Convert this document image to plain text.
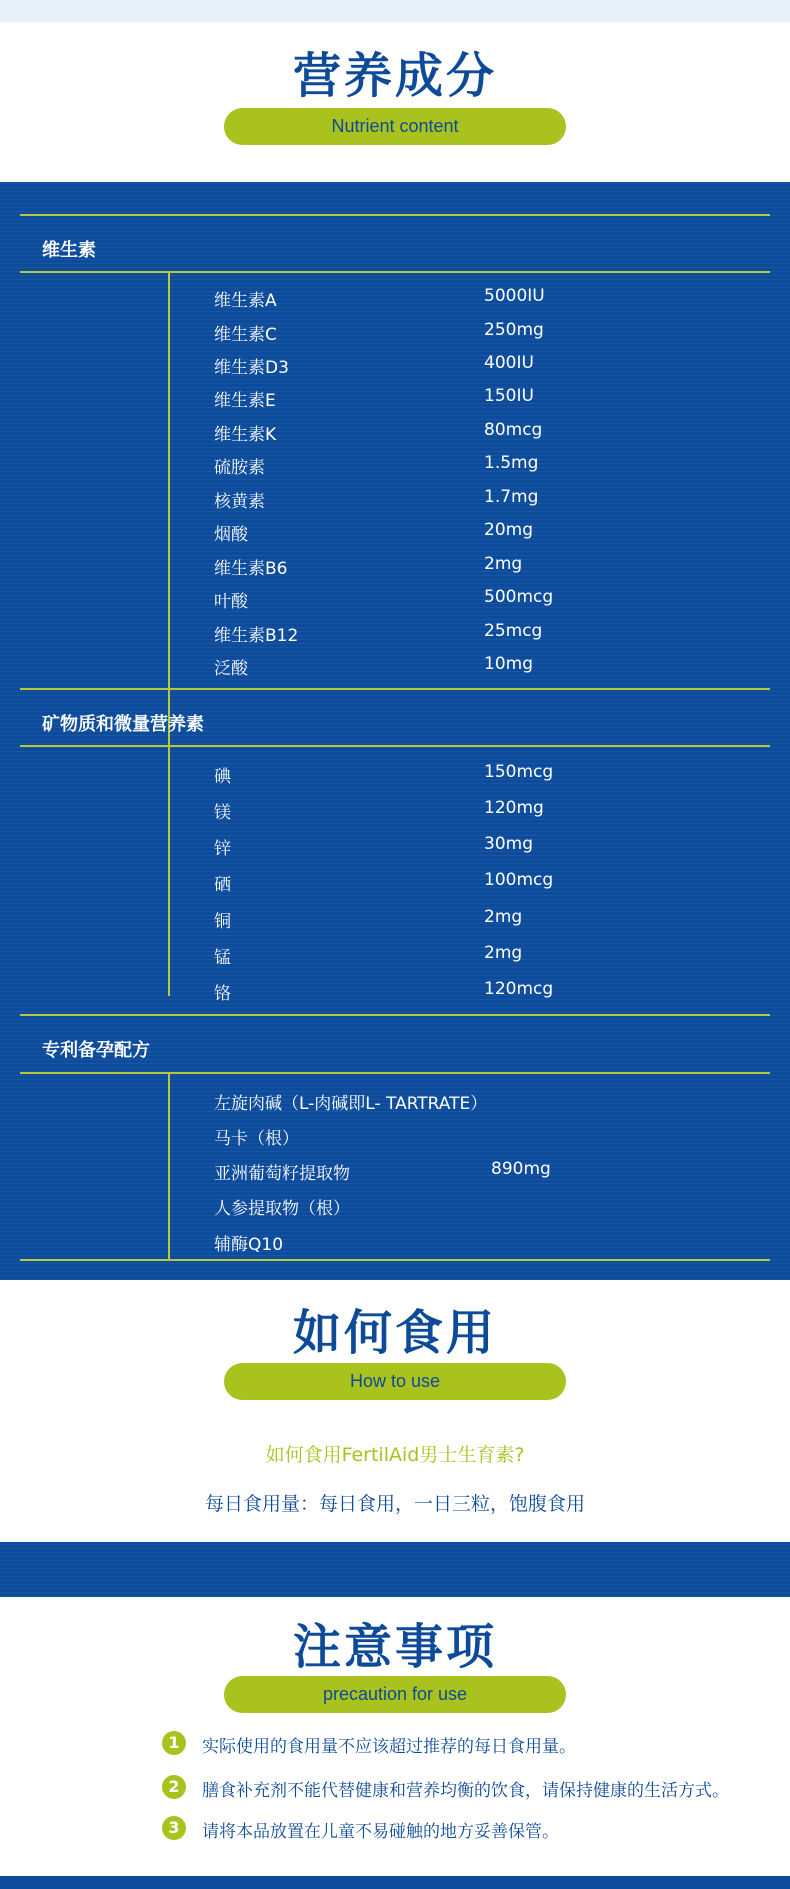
营养成分
Nutrient content
维生素
维生素A	5000IU
维生素C	250mg
维生素D3	400IU
维生素E	150IU
维生素K	80mcg
硫胺素	1.5mg
核黄素	1.7mg
烟酸	20mg
维生素B6	2mg
叶酸	500mcg
维生素B12	25mcg
泛酸	10mg
矿物质和微量营养素
碘	150mcg
镁	120mg
锌	30mg
硒	100mcg
铜	2mg
锰	2mg
铬	120mcg
专利备孕配方
左旋肉碱（L-肉碱即L- TARTRATE）
马卡（根）
亚洲葡萄籽提取物	890mg
人参提取物（根）
辅酶Q10
如何食用
How to use
如何食用FertilAid男士生育素?
每日食用量：每日食用，一日三粒，饱腹食用
注意事项
precaution for use
1	实际使用的食用量不应该超过推荐的每日食用量。
2	膳食补充剂不能代替健康和营养均衡的饮食，请保持健康的生活方式。
3	请将本品放置在儿童不易碰触的地方妥善保管。
